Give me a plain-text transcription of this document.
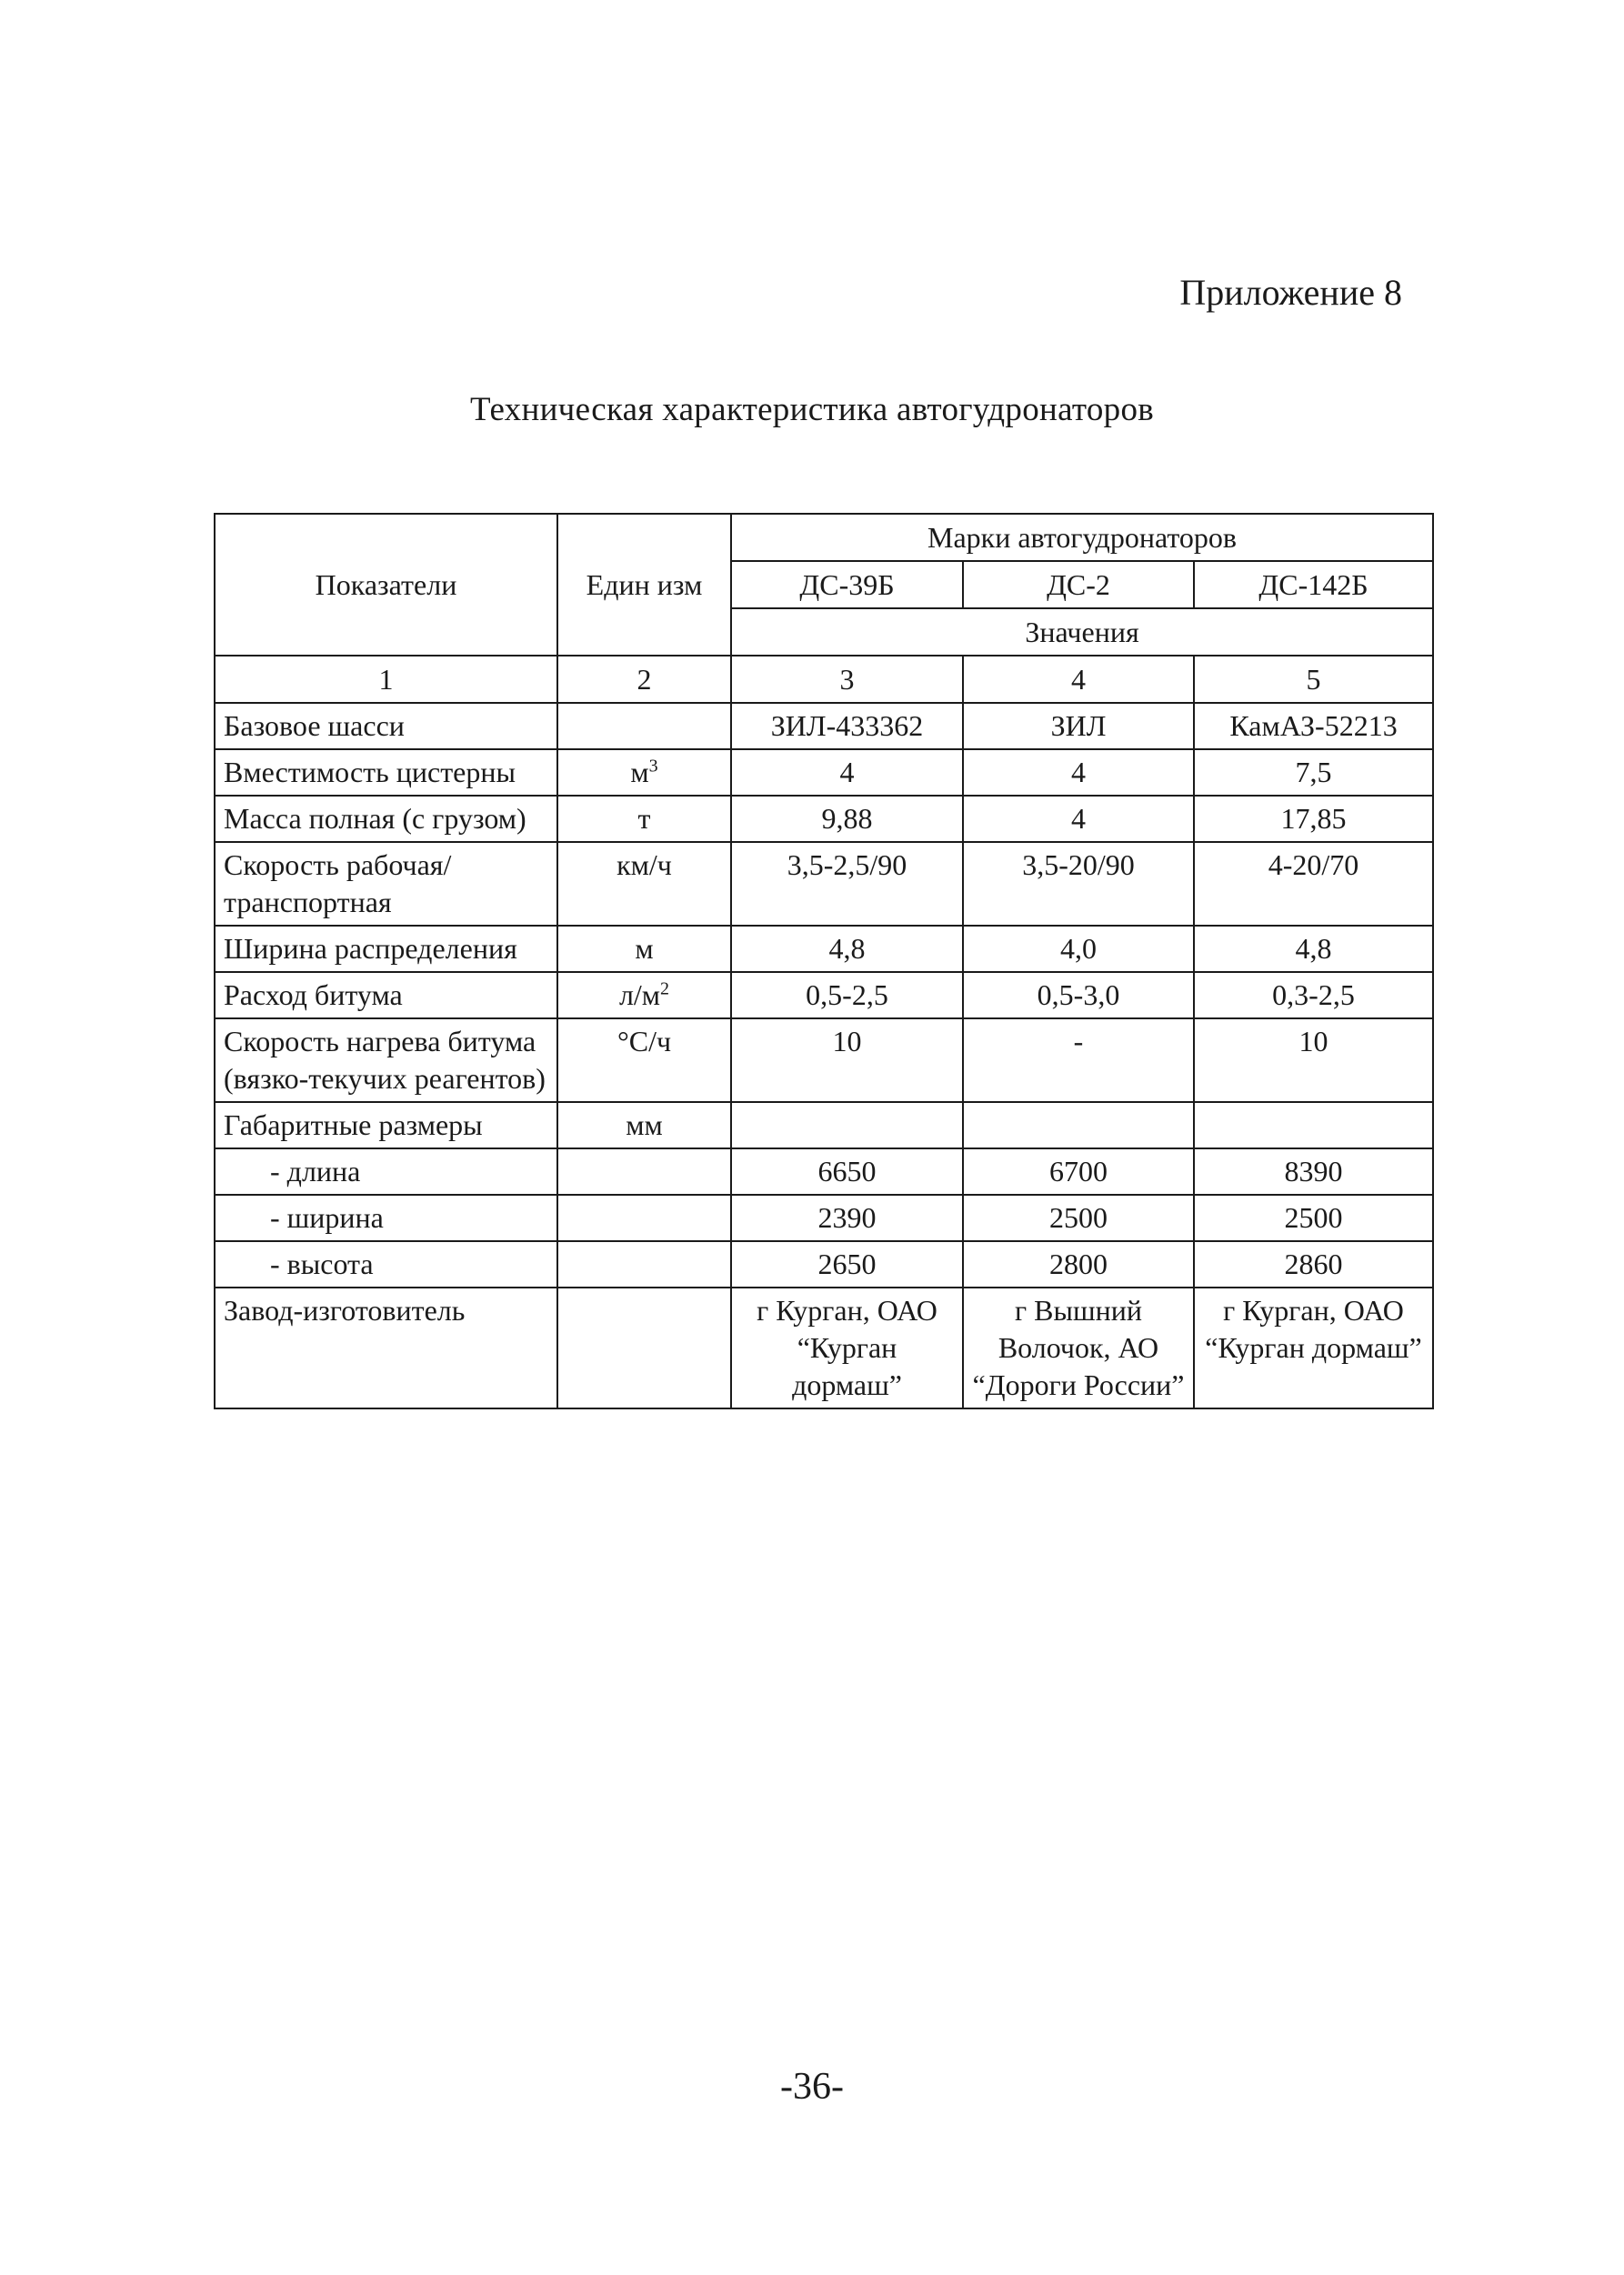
Приложение 8
Техническая характеристика автогудронаторов
Показатели	Един изм	Марки автогудронаторов		
		ДС-39Б	ДС-2	ДС-142Б
		Значения		
1	2	3	4	5
Базовое шасси		ЗИЛ-433362	ЗИЛ	КамАЗ-52213
Вместимость цистерны	$м^3$	4	4	7,5
Масса полная (с грузом)	т	9,88	4	17,85
Скорость рабочая/транспортная	км/ч	3,5-2,5/90	3,5-20/90	4-20/70
Ширина распределения	м	4,8	4,0	4,8
Расход битума	$л/м^2$	0,5-2,5	0,5-3,0	0,3-2,5
Скорость нагрева битума (вязко-текучих реагентов)	°С/ч	10	-	10
Габаритные размеры	мм			
- длина		6650	6700	8390
- ширина		2390	2500	2500
- высота		2650	2800	2860
Завод-изготовитель		г Курган, ОАО “Курган дормаш”	г Вышний Волочок, АО “Дороги России”	г Курган, ОАО “Курган дормаш”
-36-
